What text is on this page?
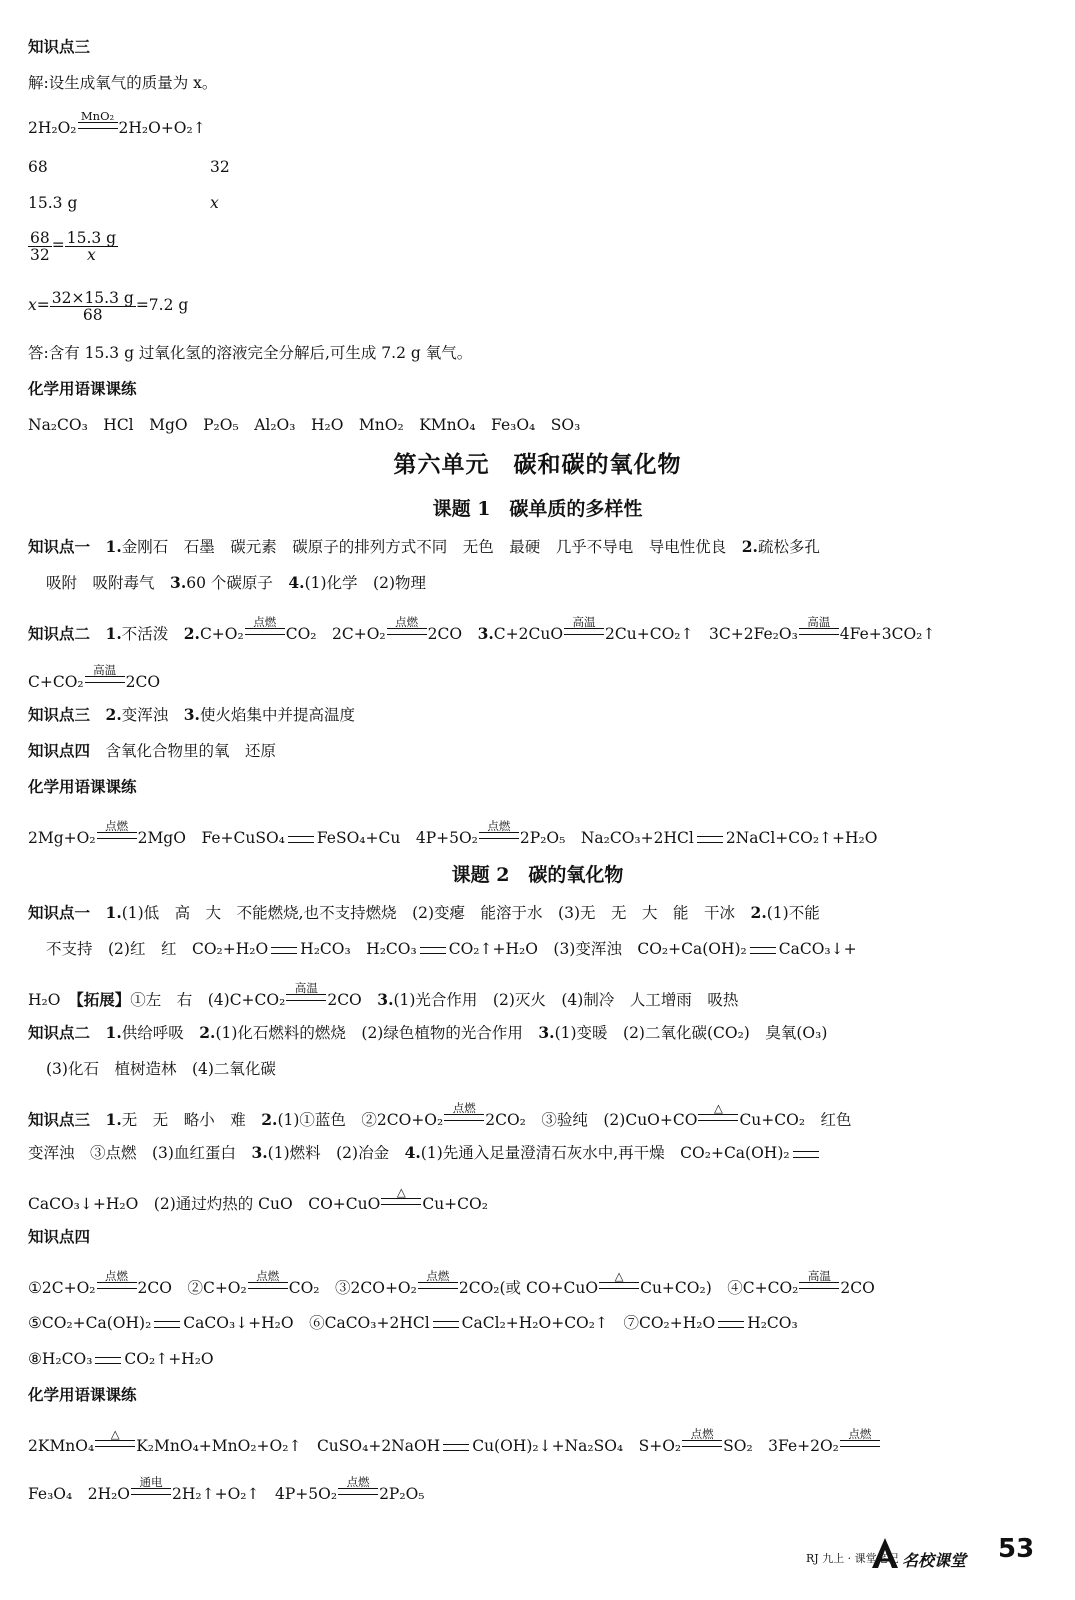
知识点三
解:设生成氧气的质量为 x。
2H₂O₂
MnO₂
2H₂O+O₂↑
68	32
15.3 g	x
$\frac{68}{32} = \frac{15.3 g}{x}$
$x= \frac{32\times 15.3 g}{68} =7.2$ g
答:含有 15.3 g 过氧化氢的溶液完全分解后,可生成 7.2 g 氧气。
化学用语课课练
Na₂CO₃　HCl　MgO　P₂O₅　Al₂O₃　H₂O　MnO₂　KMnO₄　Fe₃O₄　SO₃
第六单元　碳和碳的氧化物
课题 1　碳单质的多样性
知识点一　 1.金刚石　石墨　碳元素　碳原子的排列方式不同　无色　最硬　几乎不导电　导电性优良　 2.疏松多孔
吸附　吸附毒气　 3.60 个碳原子　 4.(1)化学　(2)物理
知识点二　 1.不活泼　 2.C+O₂
点燃
CO₂　2C+O₂
点燃
2CO　 3.C+2CuO
高温
2Cu+CO₂↑　3C+2Fe₂O₃
高温
4Fe+3CO₂↑
C+CO₂
高温
2CO
知识点三　 2.变浑浊　 3.使火焰集中并提高温度
知识点四　 含氧化合物里的氧　还原
化学用语课课练
2Mg+O₂
点燃
2MgO　Fe+CuSO₄ FeSO₄+Cu　4P+5O₂
点燃
2P₂O₅　Na₂CO₃+2HCl 2NaCl+CO₂↑+H₂O
课题 2　碳的氧化物
知识点一　 1.(1)低　高　大　不能燃烧,也不支持燃烧　(2)变瘪　能溶于水　(3)无　无　大　能　干冰　 2.(1)不能
不支持　(2)红　红　CO₂+H₂O H₂CO₃　H₂CO₃ CO₂↑+H₂O　(3)变浑浊　CO₂+Ca(OH)₂ CaCO₃↓+
H₂O　 【拓展】①左　右　(4)C+CO₂
高温
2CO　 3.(1)光合作用　(2)灭火　(4)制冷　人工增雨　吸热
知识点二　 1.供给呼吸　 2.(1)化石燃料的燃烧　(2)绿色植物的光合作用　 3.(1)变暖　(2)二氧化碳(CO₂)　臭氧(O₃)
(3)化石　植树造林　(4)二氧化碳
知识点三　 1.无　无　略小　难　 2.(1)①蓝色　②2CO+O₂
点燃
2CO₂　③验纯　(2)CuO+CO
△
Cu+CO₂　红色
变浑浊　③点燃　(3)血红蛋白　 3.(1)燃料　(2)冶金　 4.(1)先通入足量澄清石灰水中,再干燥　CO₂+Ca(OH)₂
CaCO₃↓+H₂O　(2)通过灼热的 CuO　CO+CuO
△
Cu+CO₂
知识点四
①2C+O₂
点燃
2CO　②C+O₂
点燃
CO₂　③2CO+O₂
点燃
2CO₂(或 CO+CuO
△
Cu+CO₂)　④C+CO₂
高温
2CO
⑤CO₂+Ca(OH)₂ CaCO₃↓+H₂O　⑥CaCO₃+2HCl CaCl₂+H₂O+CO₂↑　⑦CO₂+H₂O H₂CO₃
⑧H₂CO₃ CO₂↑+H₂O
化学用语课课练
2KMnO₄
△
K₂MnO₄+MnO₂+O₂↑　CuSO₄+2NaOH Cu(OH)₂↓+Na₂SO₄　S+O₂
点燃
SO₂　3Fe+2O₂
点燃
Fe₃O₄　2H₂O
通电
2H₂↑+O₂↑　4P+5O₂
点燃
2P₂O₅
RJ 九上 · 课堂笔记 名校课堂 53
